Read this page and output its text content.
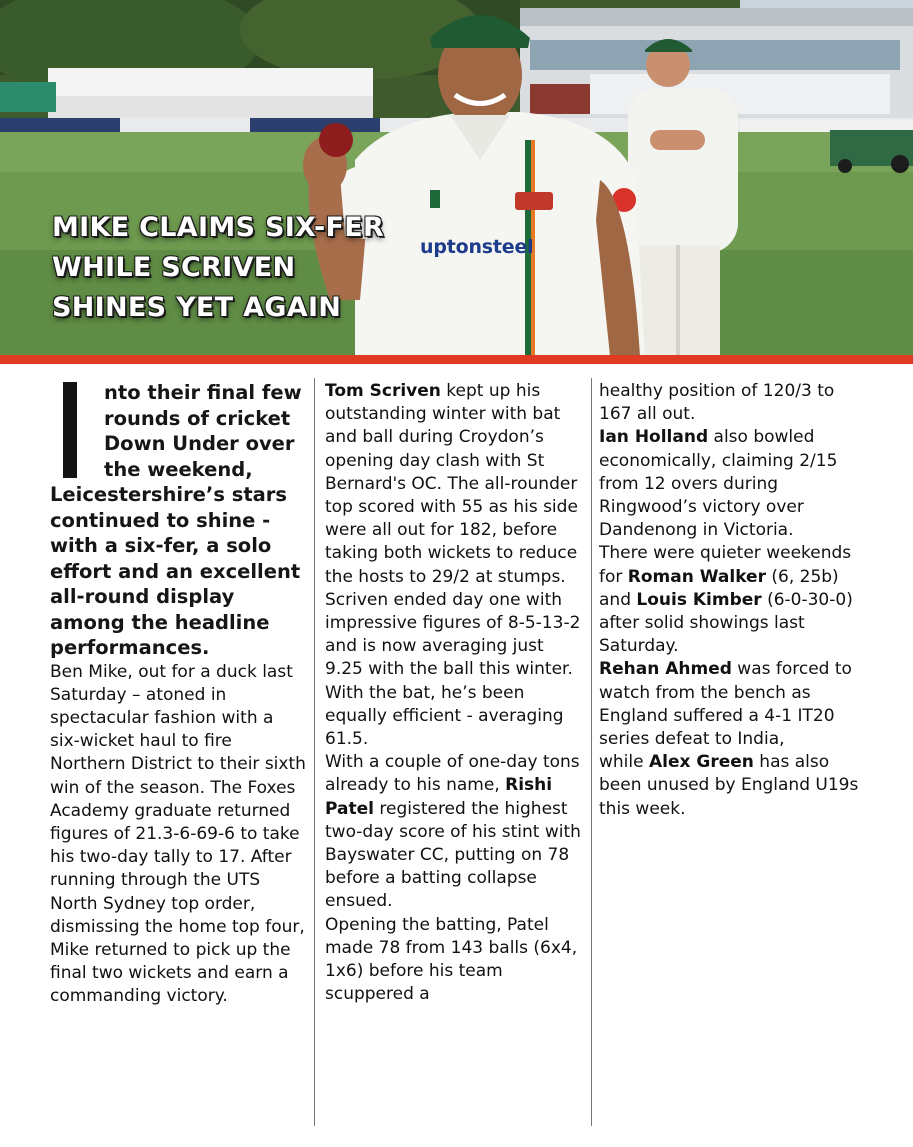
MIKE CLAIMS SIX-FER
WHILE SCRIVEN
SHINES YET AGAIN
uptonsteel

nto their final few rounds of cricket Down Under over the weekend, Leicestershire’s stars continued to shine - with a six-fer, a solo effort and an excellent all-round display among the headline performances.

Ben Mike, out for a duck last Saturday – atoned in spectacular fashion with a six-wicket haul to fire Northern District to their sixth win of the season. The Foxes Academy graduate returned figures of 21.3-6-69-6 to take his two-day tally to 17. After running through the UTS North Sydney top order, dismissing the home top four, Mike returned to pick up the final two wickets and earn a commanding victory.

Tom Scriven kept up his outstanding winter with bat and ball during Croydon’s opening day clash with St Bernard's OC. The all-rounder top scored with 55 as his side were all out for 182, before taking both wickets to reduce the hosts to 29/2 at stumps. Scriven ended day one with impressive figures of 8-5-13-2 and is now averaging just 9.25 with the ball this winter. With the bat, he’s been equally efficient - averaging 61.5.

With a couple of one-day tons already to his name, Rishi Patel registered the highest two-day score of his stint with Bayswater CC, putting on 78 before a batting collapse ensued.

Opening the batting, Patel made 78 from 143 balls (6x4, 1x6) before his team scuppered a

healthy position of 120/3 to 167 all out.

Ian Holland also bowled economically, claiming 2/15 from 12 overs during Ringwood’s victory over Dandenong in Victoria.

There were quieter weekends for Roman Walker (6, 25b) and Louis Kimber (6-0-30-0) after solid showings last Saturday.

Rehan Ahmed was forced to watch from the bench as England suffered a 4-1 IT20 series defeat to India,

while Alex Green has also been unused by England U19s this week.
